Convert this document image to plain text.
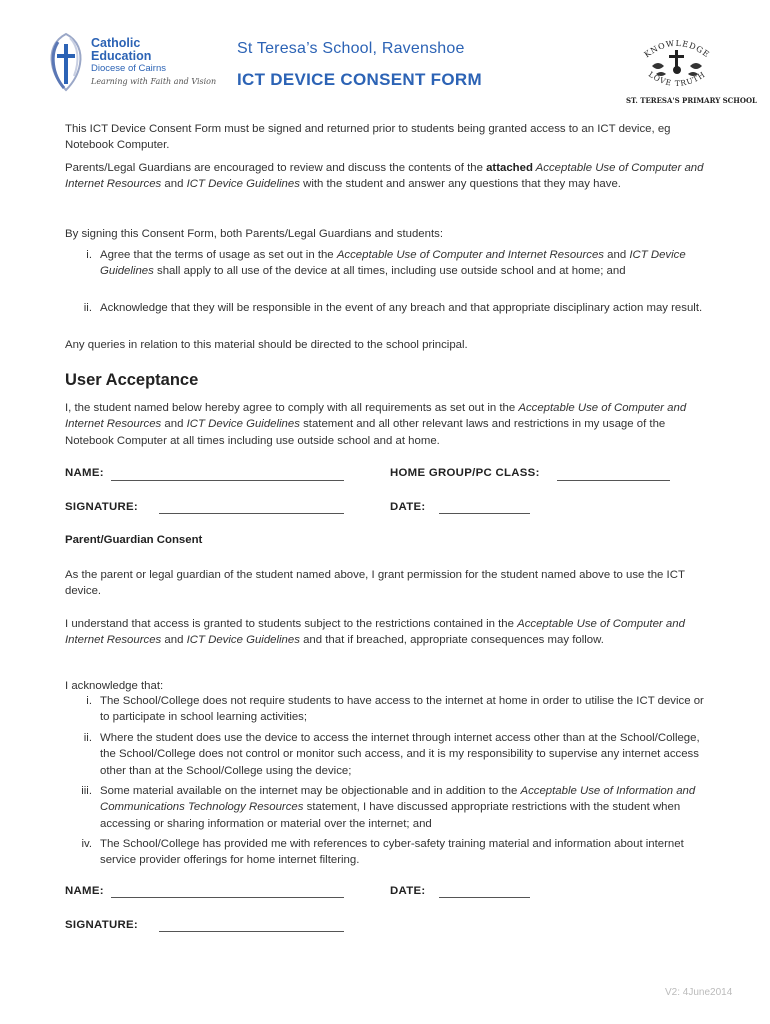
Catholic
Education
Diocese of Cairns
Learning with Faith and Vision
St Teresa’s School, Ravenshoe
ICT DEVICE CONSENT FORM
KNOWLEDGE
LOVE TRUTH
ST. TERESA'S PRIMARY SCHOOL

This ICT Device Consent Form must be signed and returned prior to students being granted access to an ICT device, eg Notebook Computer.

Parents/Legal Guardians are encouraged to review and discuss the contents of the attached Acceptable Use of Computer and Internet Resources and ICT Device Guidelines with the student and answer any questions that they may have.

By signing this Consent Form, both Parents/Legal Guardians and students:

i. Agree that the terms of usage as set out in the Acceptable Use of Computer and Internet Resources and ICT Device Guidelines shall apply to all use of the device at all times, including use outside school and at home; and

ii. Acknowledge that they will be responsible in the event of any breach and that appropriate disciplinary action may result.

Any queries in relation to this material should be directed to the school principal.

User Acceptance

I, the student named below hereby agree to comply with all requirements as set out in the Acceptable Use of Computer and Internet Resources and ICT Device Guidelines statement and all other relevant laws and restrictions in my usage of the Notebook Computer at all times including use outside school and at home.

NAME:	HOME GROUP/PC CLASS:
SIGNATURE:	DATE:
Parent/Guardian Consent

As the parent or legal guardian of the student named above, I grant permission for the student named above to use the ICT device.

I understand that access is granted to students subject to the restrictions contained in the Acceptable Use of Computer and Internet Resources and ICT Device Guidelines and that if breached, appropriate consequences may follow.

I acknowledge that:

i. The School/College does not require students to have access to the internet at home in order to utilise the ICT device or to participate in school learning activities;

ii. Where the student does use the device to access the internet through internet access other than at the School/College, the School/College does not control or monitor such access, and it is my responsibility to supervise any internet access other than at the School/College using the device;

iii. Some material available on the internet may be objectionable and in addition to the Acceptable Use of Information and Communications Technology Resources statement, I have discussed appropriate restrictions with the student when accessing or sharing information or material over the internet; and

iv. The School/College has provided me with references to cyber-safety training material and information about internet service provider offerings for home internet filtering.

NAME:	DATE:
SIGNATURE:
V2: 4June2014
